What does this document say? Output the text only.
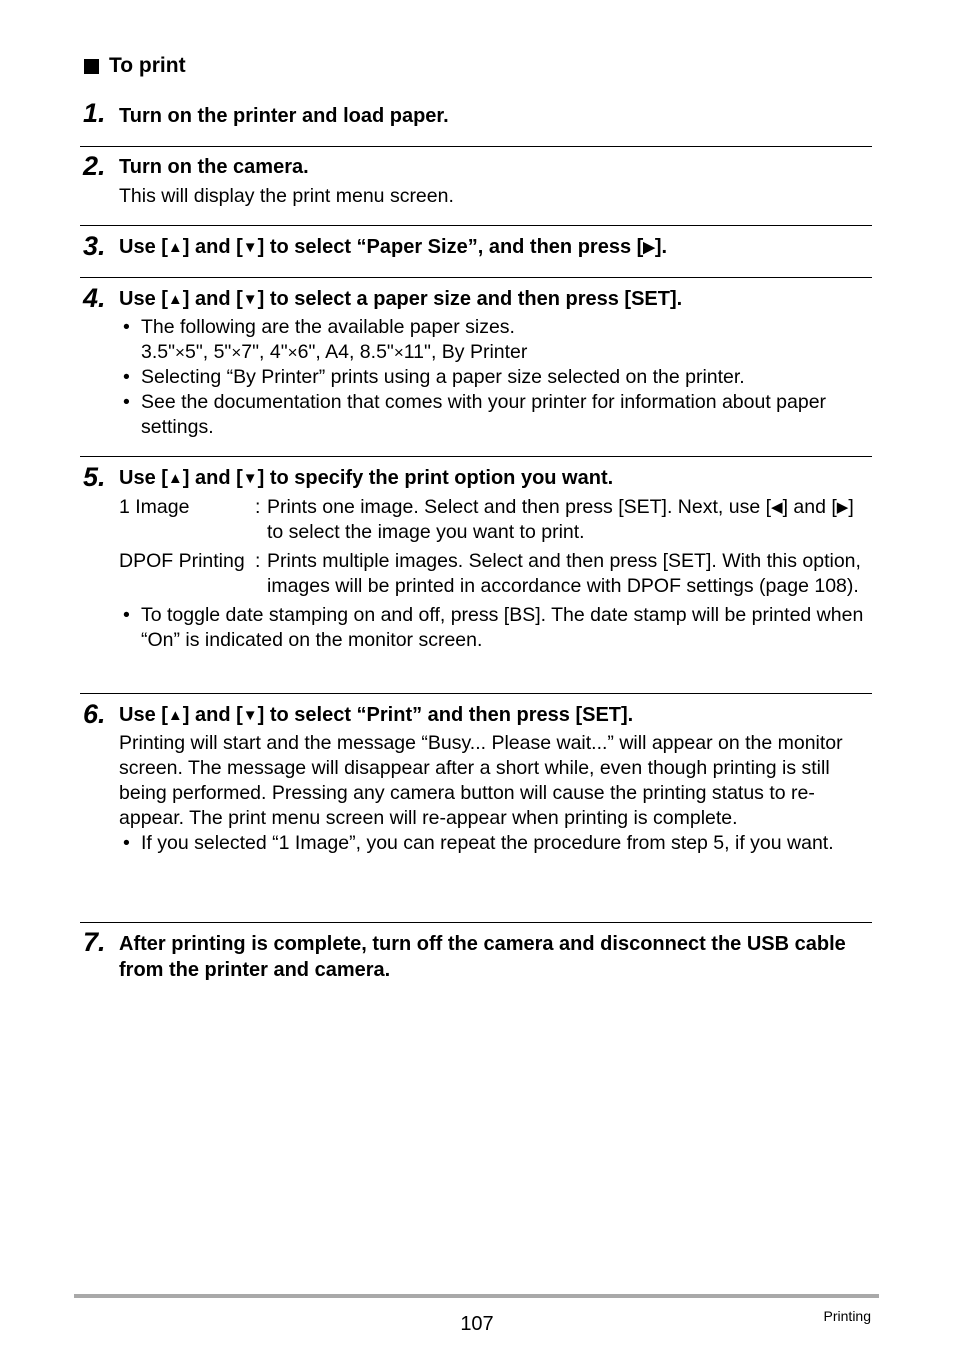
To print
1. Turn on the printer and load paper.
2. Turn on the camera.
This will display the print menu screen.
3. Use [▲] and [▼] to select “Paper Size”, and then press [▶].
4. Use [▲] and [▼] to select a paper size and then press [SET].
• The following are the available paper sizes.
3.5"×5", 5"×7", 4"×6", A4, 8.5"×11", By Printer
• Selecting “By Printer” prints using a paper size selected on the printer.
• See the documentation that comes with your printer for information about paper settings.
5. Use [▲] and [▼] to specify the print option you want.
1 Image	: Prints one image. Select and then press [SET]. Next, use [◀] and [▶] to select the image you want to print.
DPOF Printing : Prints multiple images. Select and then press [SET]. With this option, images will be printed in accordance with DPOF settings (page 108).
• To toggle date stamping on and off, press [BS]. The date stamp will be printed when “On” is indicated on the monitor screen.
6. Use [▲] and [▼] to select “Print” and then press [SET].
Printing will start and the message “Busy... Please wait...” will appear on the monitor screen. The message will disappear after a short while, even though printing is still being performed. Pressing any camera button will cause the printing status to re-appear. The print menu screen will re-appear when printing is complete.
• If you selected “1 Image”, you can repeat the procedure from step 5, if you want.
7. After printing is complete, turn off the camera and disconnect the USB cable from the printer and camera.
107	Printing
